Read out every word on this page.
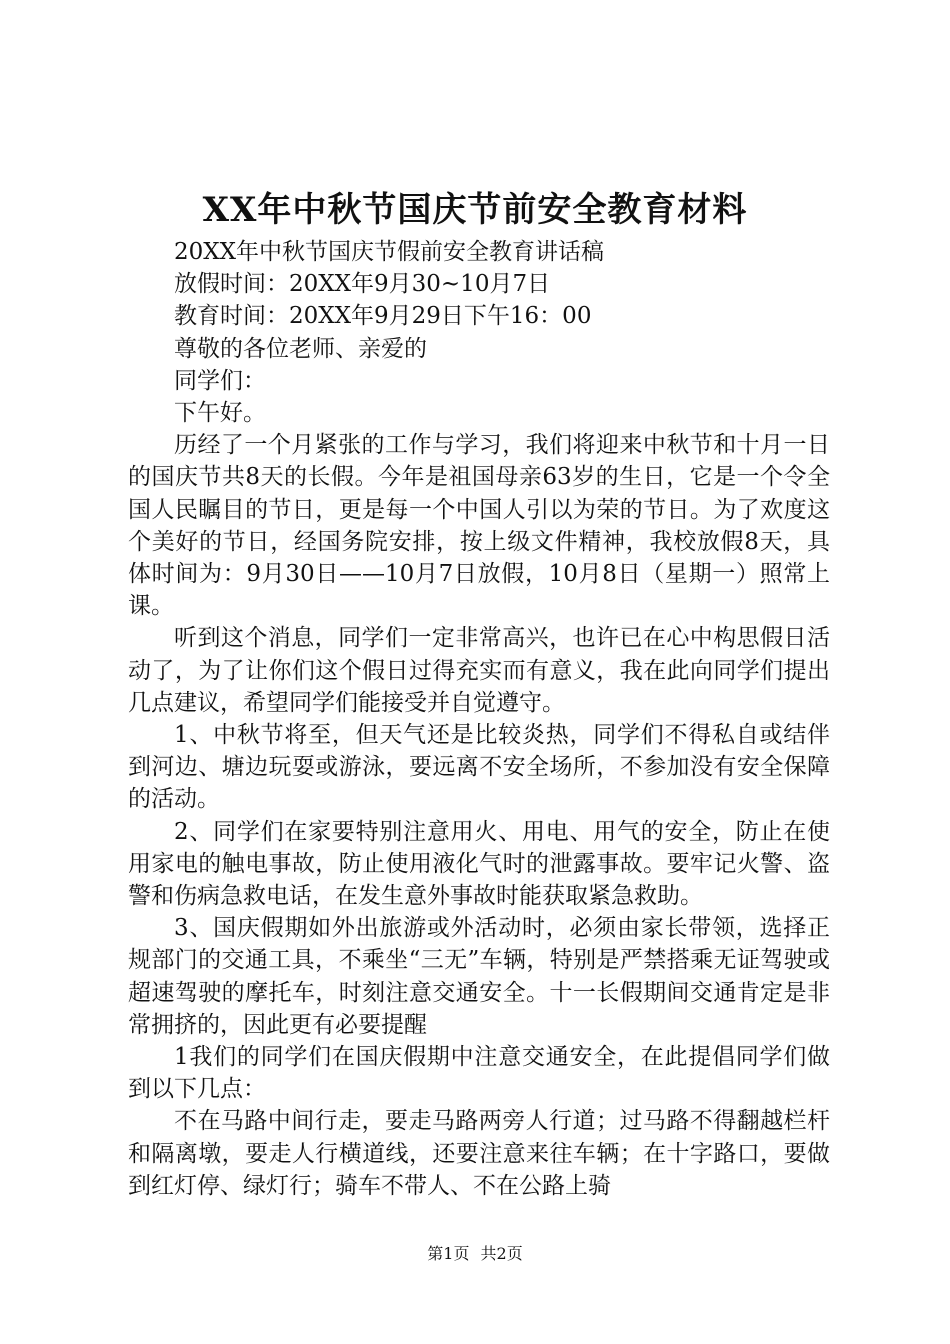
XX年中秋节国庆节前安全教育材料

20XX年中秋节国庆节假前安全教育讲话稿

放假时间：20XX年9月30~10月7日

教育时间：20XX年9月29日下午16：00

尊敬的各位老师、亲爱的

同学们：

下午好。

历经了一个月紧张的工作与学习，我们将迎来中秋节和十月一日的国庆节共8天的长假。今年是祖国母亲63岁的生日，它是一个令全国人民瞩目的节日，更是每一个中国人引以为荣的节日。为了欢度这个美好的节日，经国务院安排，按上级文件精神，我校放假8天，具体时间为：9月30日——10月7日放假，10月8日（星期一）照常上课。

听到这个消息，同学们一定非常高兴，也许已在心中构思假日活动了，为了让你们这个假日过得充实而有意义，我在此向同学们提出几点建议，希望同学们能接受并自觉遵守。

1、中秋节将至，但天气还是比较炎热，同学们不得私自或结伴到河边、塘边玩耍或游泳，要远离不安全场所，不参加没有安全保障的活动。

2、同学们在家要特别注意用火、用电、用气的安全，防止在使用家电的触电事故，防止使用液化气时的泄露事故。要牢记火警、盗警和伤病急救电话，在发生意外事故时能获取紧急救助。

3、国庆假期如外出旅游或外活动时，必须由家长带领，选择正规部门的交通工具，不乘坐“三无”车辆，特别是严禁搭乘无证驾驶或超速驾驶的摩托车，时刻注意交通安全。十一长假期间交通肯定是非常拥挤的，因此更有必要提醒

1我们的同学们在国庆假期中注意交通安全，在此提倡同学们做到以下几点：

不在马路中间行走，要走马路两旁人行道；过马路不得翻越栏杆和隔离墩，要走人行横道线，还要注意来往车辆；在十字路口，要做到红灯停、绿灯行；骑车不带人、不在公路上骑

第1页 共2页
